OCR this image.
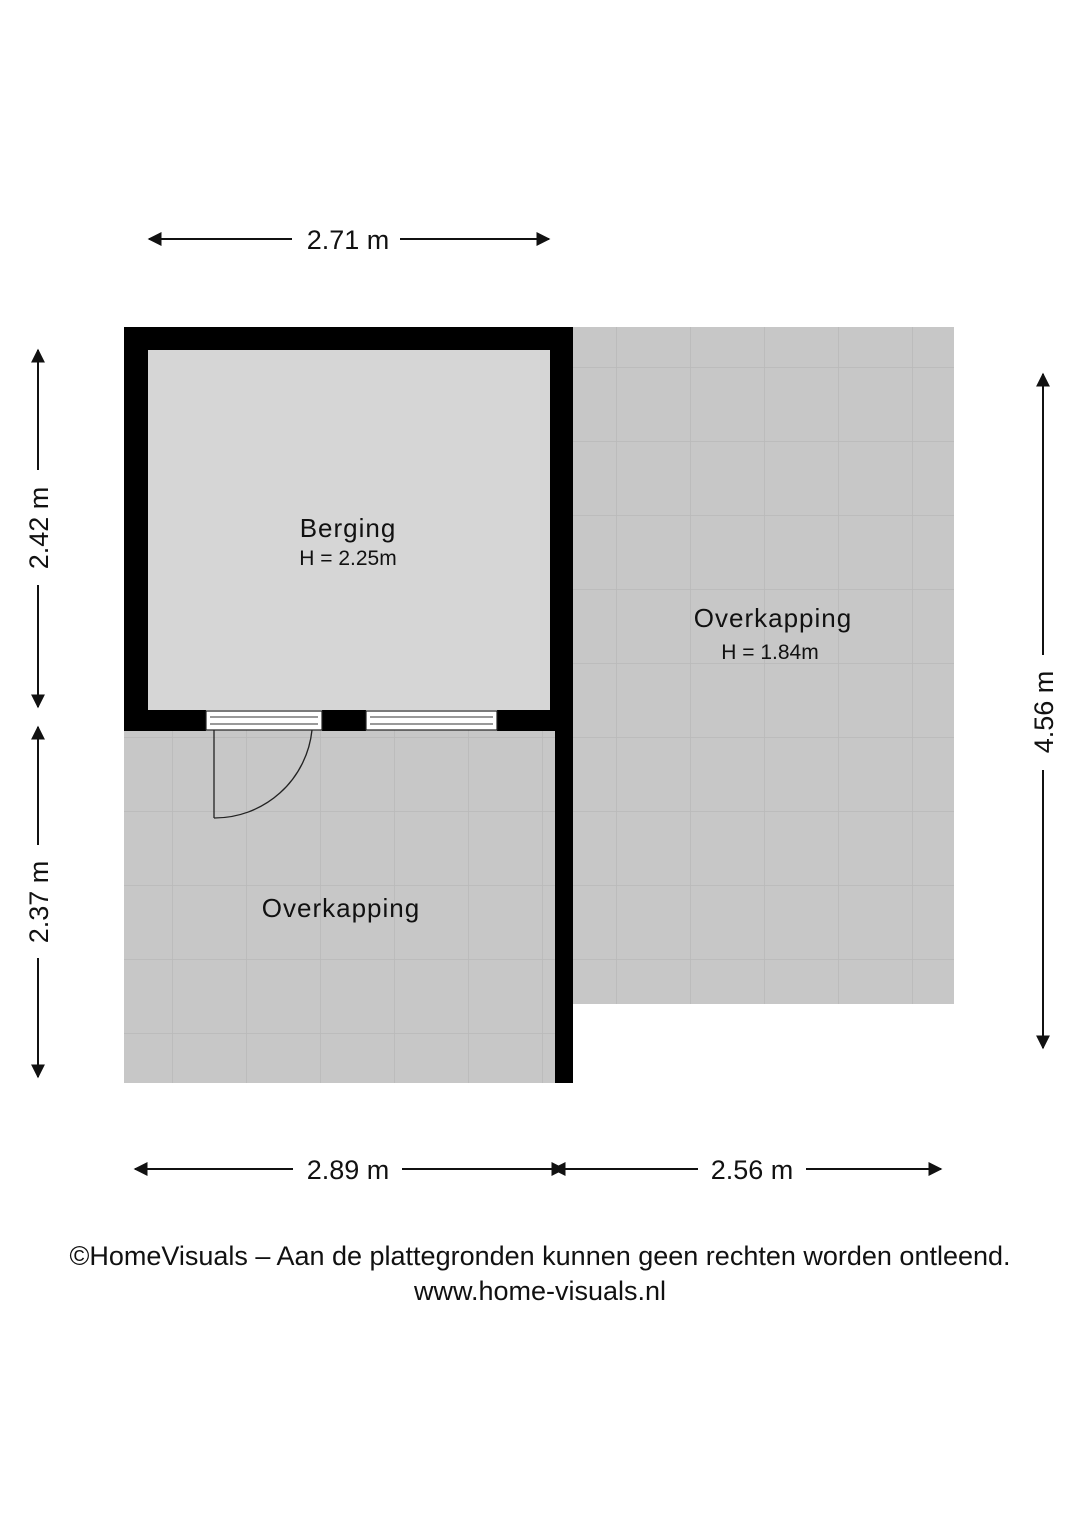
Berging
H = 2.25m
Overkapping
H = 1.84m
Overkapping
2.71 m
2.42 m
2.37 m
4.56 m
2.89 m	2.56 m
©HomeVisuals – Aan de plattegronden kunnen geen rechten worden ontleend.
www.home-visuals.nl
